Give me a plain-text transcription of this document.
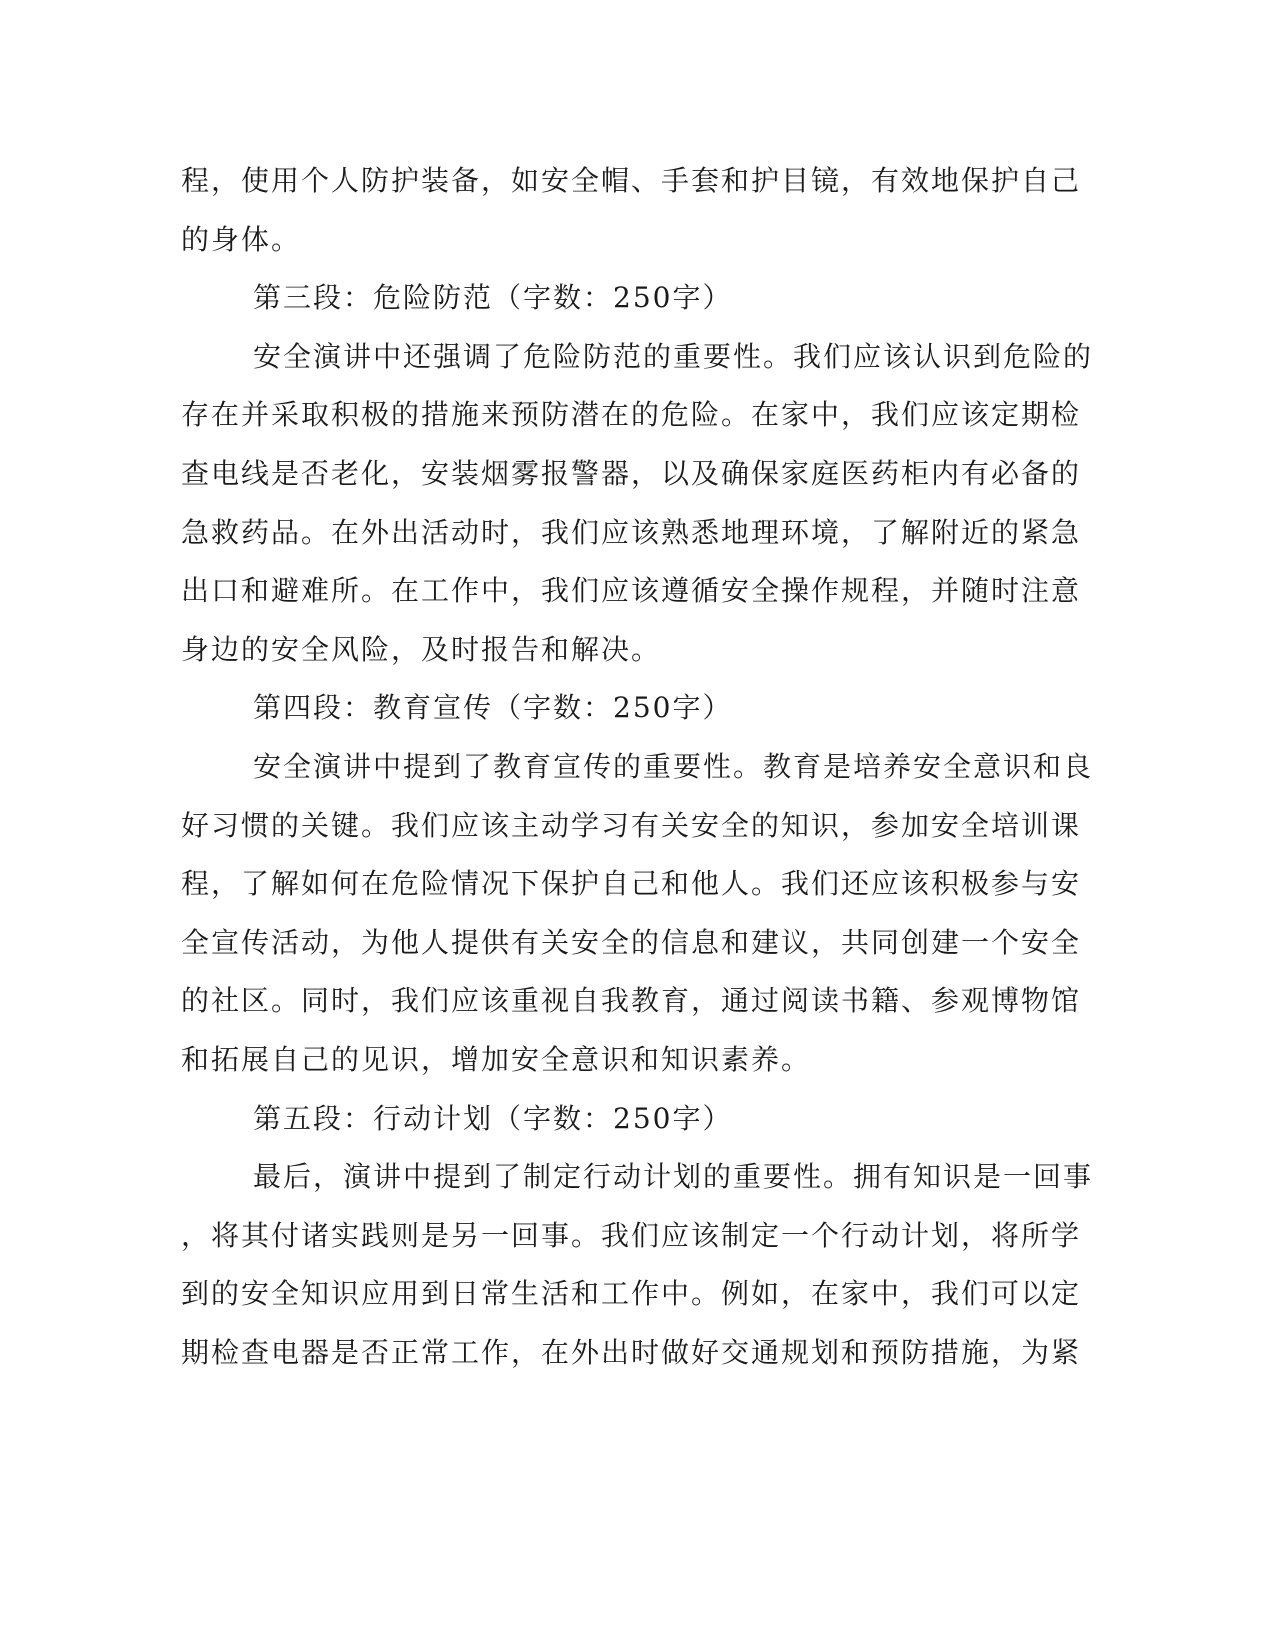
程，使用个人防护装备，如安全帽、手套和护目镜，有效地保护自己
的身体。
第三段：危险防范（字数：250字）
安全演讲中还强调了危险防范的重要性。我们应该认识到危险的
存在并采取积极的措施来预防潜在的危险。在家中，我们应该定期检
查电线是否老化，安装烟雾报警器，以及确保家庭医药柜内有必备的
急救药品。在外出活动时，我们应该熟悉地理环境，了解附近的紧急
出口和避难所。在工作中，我们应该遵循安全操作规程，并随时注意
身边的安全风险，及时报告和解决。
第四段：教育宣传（字数：250字）
安全演讲中提到了教育宣传的重要性。教育是培养安全意识和良
好习惯的关键。我们应该主动学习有关安全的知识，参加安全培训课
程，了解如何在危险情况下保护自己和他人。我们还应该积极参与安
全宣传活动，为他人提供有关安全的信息和建议，共同创建一个安全
的社区。同时，我们应该重视自我教育，通过阅读书籍、参观博物馆
和拓展自己的见识，增加安全意识和知识素养。
第五段：行动计划（字数：250字）
最后，演讲中提到了制定行动计划的重要性。拥有知识是一回事
，将其付诸实践则是另一回事。我们应该制定一个行动计划，将所学
到的安全知识应用到日常生活和工作中。例如，在家中，我们可以定
期检查电器是否正常工作，在外出时做好交通规划和预防措施，为紧
